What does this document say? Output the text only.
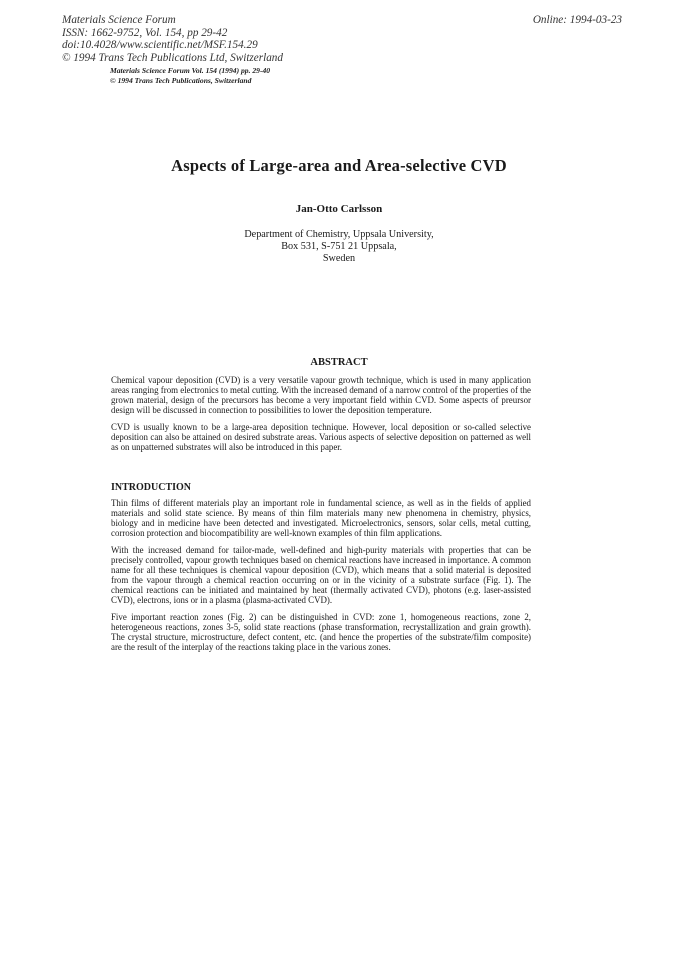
Materials Science Forum
ISSN: 1662-9752, Vol. 154, pp 29-42
doi:10.4028/www.scientific.net/MSF.154.29
© 1994 Trans Tech Publications Ltd, Switzerland
Online: 1994-03-23
Materials Science Forum Vol. 154 (1994) pp. 29-40
© 1994 Trans Tech Publications, Switzerland
Aspects of Large-area and Area-selective CVD
Jan-Otto Carlsson
Department of Chemistry, Uppsala University,
Box 531, S-751 21 Uppsala,
Sweden
ABSTRACT

Chemical vapour deposition (CVD) is a very versatile vapour growth technique, which is used in many application areas ranging from electronics to metal cutting. With the increased demand of a narrow control of the properties of the grown material, design of the precursors has become a very important field within CVD. Some aspects of preursor design will be discussed in connection to possibilities to lower the deposition temperature.

CVD is usually known to be a large-area deposition technique. However, local deposition or so-called selective deposition can also be attained on desired substrate areas. Various aspects of selective deposition on patterned as well as on unpatterned substrates will also be introduced in this paper.

INTRODUCTION

Thin films of different materials play an important role in fundamental science, as well as in the fields of applied materials and solid state science. By means of thin film materials many new phenomena in chemistry, physics, biology and in medicine have been detected and investigated. Microelectronics, sensors, solar cells, metal cutting, corrosion protection and biocompatibility are well-known examples of thin film applications.

With the increased demand for tailor-made, well-defined and high-purity materials with properties that can be precisely controlled, vapour growth techniques based on chemical reactions have increased in importance. A common name for all these techniques is chemical vapour deposition (CVD), which means that a solid material is deposited from the vapour through a chemical reaction occurring on or in the vicinity of a substrate surface (Fig. 1). The chemical reactions can be initiated and maintained by heat (thermally activated CVD), photons (e.g. laser-assisted CVD), electrons, ions or in a plasma (plasma-activated CVD).

Five important reaction zones (Fig. 2) can be distinguished in CVD: zone 1, homogeneous reactions, zone 2, heterogeneous reactions, zones 3-5, solid state reactions (phase transformation, recrystallization and grain growth). The crystal structure, microstructure, defect content, etc. (and hence the properties of the substrate/film composite) are the result of the interplay of the reactions taking place in the various zones.
